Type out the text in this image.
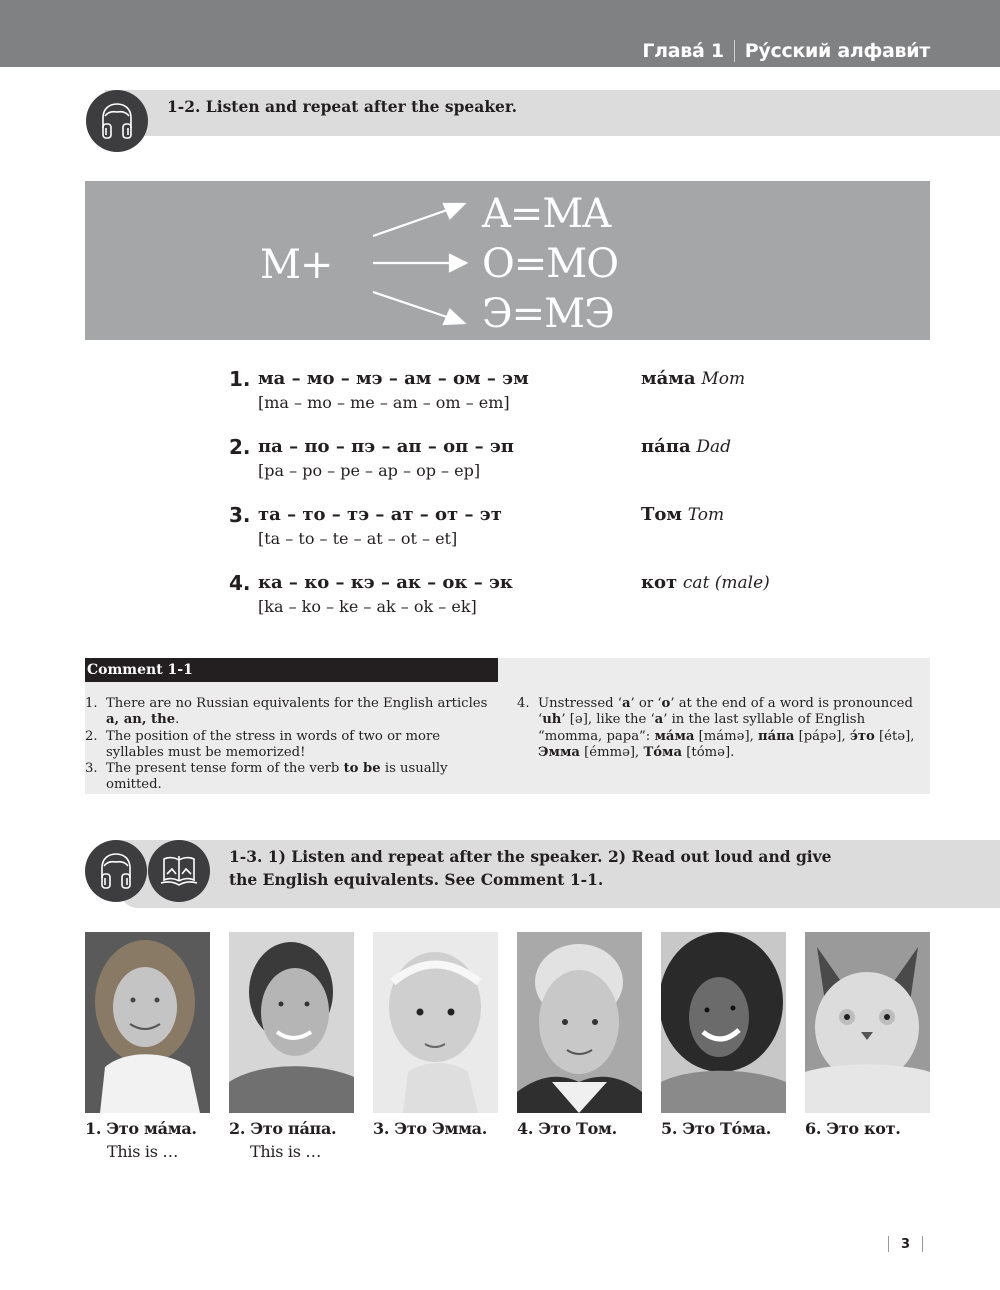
Глава́ 1 Ру́сский алфави́т
1-2. Listen and repeat after the speaker.
M+
A=MA
O=MO
Э=MЭ
1. ма – мо – мэ – ам – ом – эм
[ma – mo – me – am – om – em]
ма́ма Mom
2. па – по – пэ – ап – оп – эп
[pa – po – pe – ap – op – ep]
па́па Dad
3. та – то – тэ – ат – от – эт
[ta – to – te – at – ot – et]
Том Tom
4. ка – ко – кэ – ак – ок – эк
[ka – ko – ke – ak – ok – ek]
кот cat (male)
Comment 1-1
1. There are no Russian equivalents for the English articles a, an, the.
2. The position of the stress in words of two or more syllables must be memorized!
3. The present tense form of the verb to be is usually omitted.
4. Unstressed ‘a’ or ‘o’ at the end of a word is pronounced ‘uh’ [ə], like the ‘a’ in the last syllable of English “momma, papa”: ма́ма [mámə], па́па [pápə], э́то [étə], Эмма [émmə], То́ма [tómə].
1-3. 1) Listen and repeat after the speaker. 2) Read out loud and give
the English equivalents. See Comment 1-1.
1. Это ма́ма.
This is …
2. Это па́па.
This is …
3. Это Эмма. 4. Это Том.	5. Это То́ма. 6. Это кот.
3
